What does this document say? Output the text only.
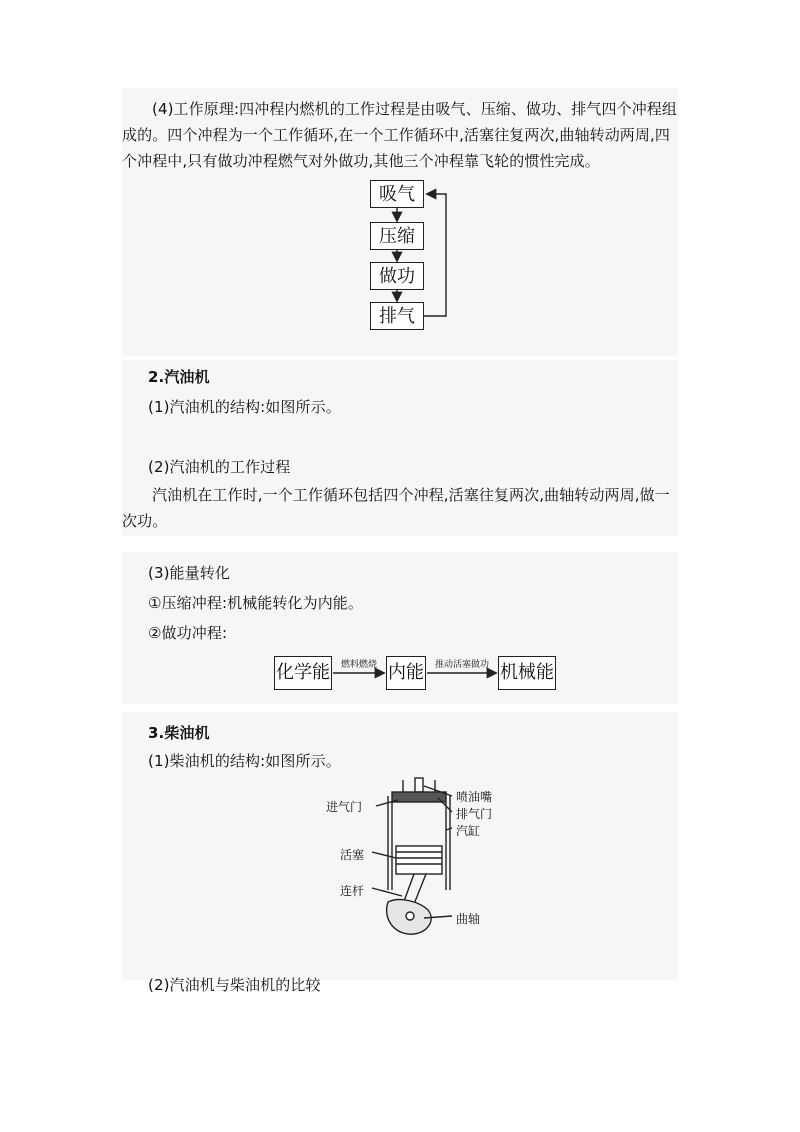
(4)工作原理:四冲程内燃机的工作过程是由吸气、压缩、做功、排气四个冲程组成的。四个冲程为一个工作循环,在一个工作循环中,活塞往复两次,曲轴转动两周,四个冲程中,只有做功冲程燃气对外做功,其他三个冲程靠飞轮的惯性完成。

吸气
压缩
做功
排气

2.汽油机

(1)汽油机的结构:如图所示。

(2)汽油机的工作过程

汽油机在工作时,一个工作循环包括四个冲程,活塞往复两次,曲轴转动两周,做一次功。

(3)能量转化

①压缩冲程:机械能转化为内能。

②做功冲程:

化学能	燃料燃烧 内能	推动活塞做功 机械能

3.柴油机

(1)柴油机的结构:如图所示。

进气门
喷油嘴
排气门
汽缸
活塞
连杆
曲轴

(2)汽油机与柴油机的比较
